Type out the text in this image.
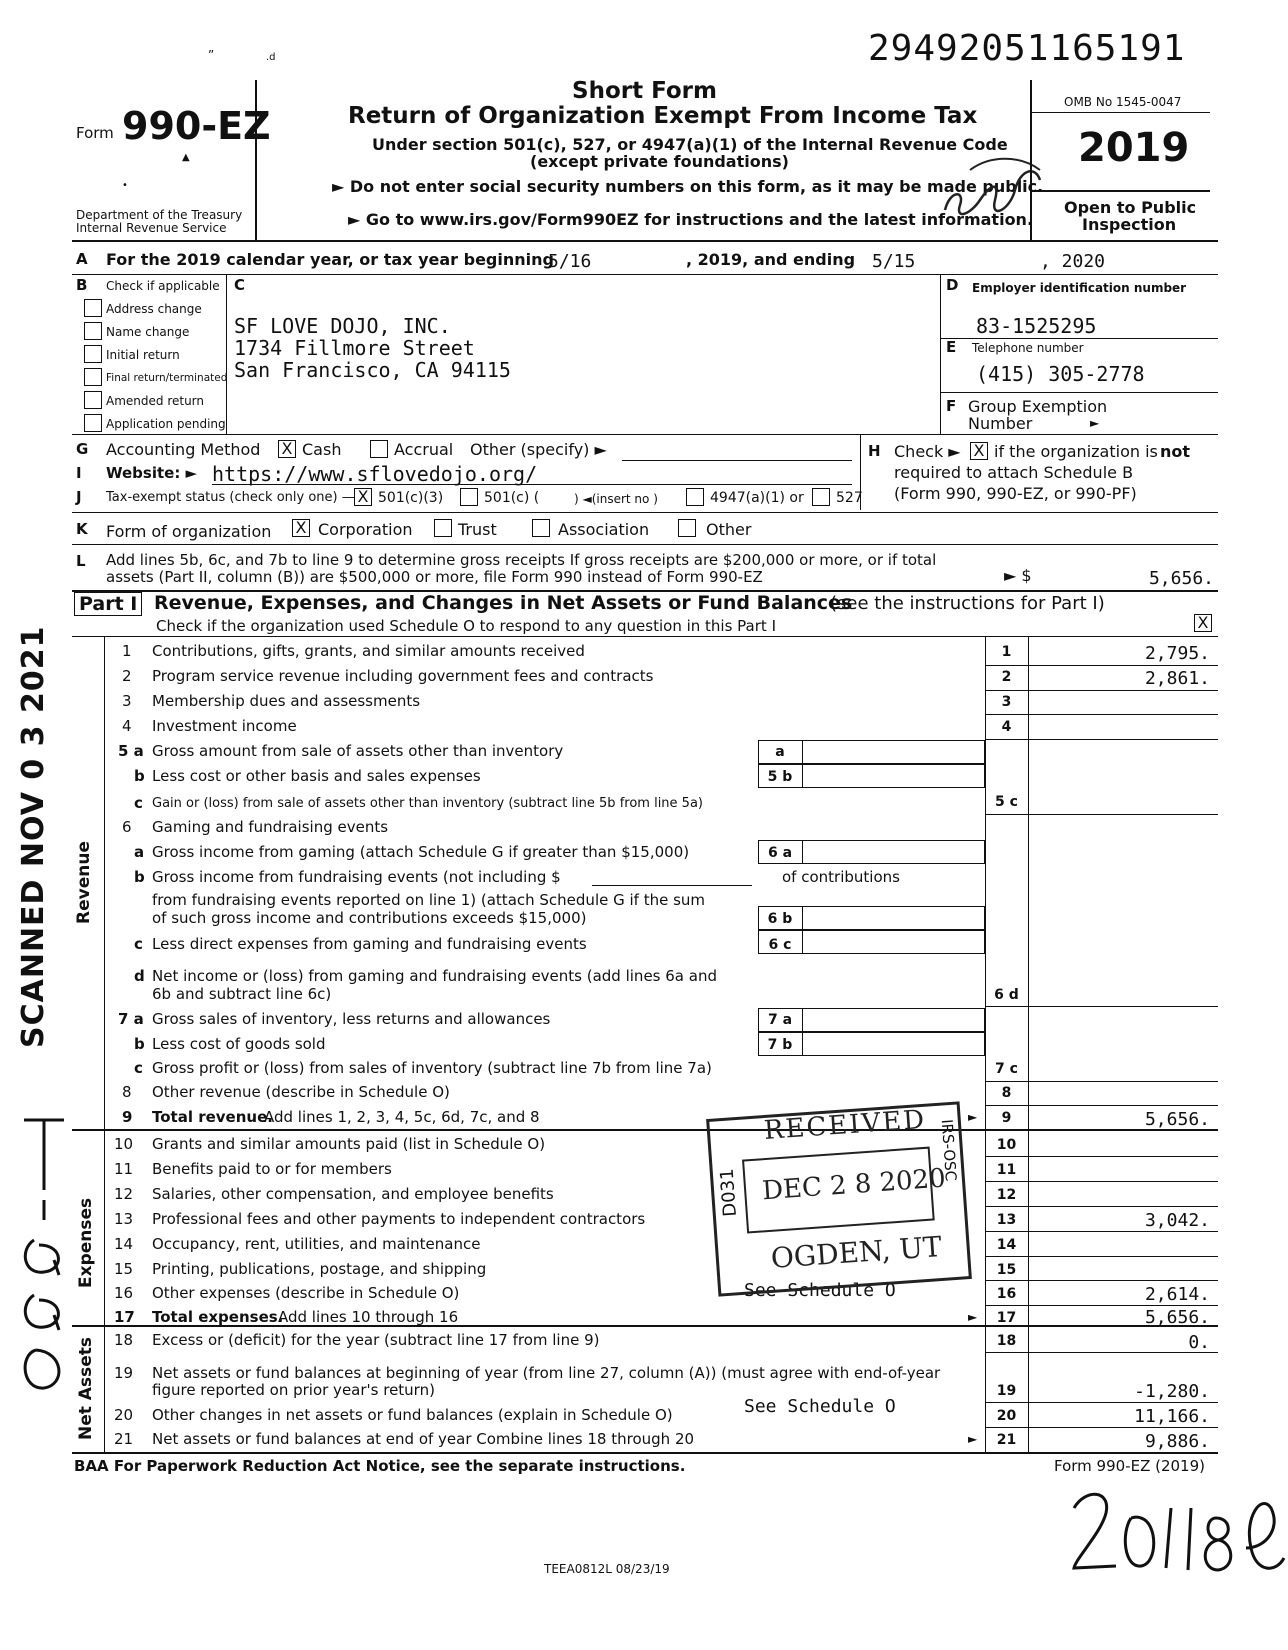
29492051165191
Form 990-EZ
Department of the Treasury
Internal Revenue Service
Short Form
Return of Organization Exempt From Income Tax
Under section 501(c), 527, or 4947(a)(1) of the Internal Revenue Code
(except private foundations)
► Do not enter social security numbers on this form, as it may be made public.
► Go to www.irs.gov/Form990EZ for instructions and the latest information.
OMB No 1545-0047
2019
Open to Public
Inspection
A For the 2019 calendar year, or tax year beginning
5/16	, 2019, and ending 5/15	, 2020
B Check if applicable C
Address change
Name change
Initial return
Final return/terminated
Amended return
Application pending
SF LOVE DOJO, INC.
1734 Fillmore Street
San Francisco, CA 94115
D Employer identification number
83-1525295
E Telephone number
(415) 305-2778
F Group Exemption
Number	►
G Accounting Method X Cash	Accrual Other (specify) ►	H Check ► X if the organization is not
required to attach Schedule B
(Form 990, 990-EZ, or 990-PF)
I Website: ► https://www.sflovedojo.org/
J Tax-exempt status (check only one) — X 501(c)(3)	501(c) (	) ◄(insert no )	4947(a)(1) or 527
K Form of organization X Corporation	Trust	Association	Other
L Add lines 5b, 6c, and 7b to line 9 to determine gross receipts If gross receipts are $200,000 or more, or if total
assets (Part II, column (B)) are $500,000 or more, file Form 990 instead of Form 990-EZ	► $	5,656.
Part I Revenue, Expenses, and Changes in Net Assets or Fund Balances
(see the instructions for Part I)
Check if the organization used Schedule O to respond to any question in this Part I	X
Revenue
Expenses
Net Assets
1 Contributions, gifts, grants, and similar amounts received	1	2,795.
2 Program service revenue including government fees and contracts	2	2,861.
3 Membership dues and assessments	3
4 Investment income	4
5 a Gross amount from sale of assets other than inventory	a
b Less cost or other basis and sales expenses	5 b
c Gain or (loss) from sale of assets other than inventory (subtract line 5b from line 5a)	5 c
6 Gaming and fundraising events
a Gross income from gaming (attach Schedule G if greater than $15,000)	6 a
b Gross income from fundraising events (not including $	of contributions
from fundraising events reported on line 1) (attach Schedule G if the sum
of such gross income and contributions exceeds $15,000)	6 b
c Less direct expenses from gaming and fundraising events	6 c
d Net income or (loss) from gaming and fundraising events (add lines 6a and
6b and subtract line 6c)	6 d
7 a Gross sales of inventory, less returns and allowances	7 a
b Less cost of goods sold	7 b
c Gross profit or (loss) from sales of inventory (subtract line 7b from line 7a)	7 c
8 Other revenue (describe in Schedule O)	8
9 Total revenue.
Add lines 1, 2, 3, 4, 5c, 6d, 7c, and 8	►	9	5,656.
10 Grants and similar amounts paid (list in Schedule O)	10
11 Benefits paid to or for members	11
12 Salaries, other compensation, and employee benefits	12
13 Professional fees and other payments to independent contractors	13	3,042.
14 Occupancy, rent, utilities, and maintenance	14
15 Printing, publications, postage, and shipping	15
16 Other expenses (describe in Schedule O)	See Schedule O	16	2,614.
17 Total expenses.
Add lines 10 through 16	►	17	5,656.
18 Excess or (deficit) for the year (subtract line 17 from line 9)	18	0.
19 Net assets or fund balances at beginning of year (from line 27, column (A)) (must agree with end-of-year
figure reported on prior year's return)	19	-1,280.
20 Other changes in net assets or fund balances (explain in Schedule O)	See Schedule O	20	11,166.
21 Net assets or fund balances at end of year Combine lines 18 through 20	►	21	9,886.
BAA For Paperwork Reduction Act Notice, see the separate instructions.	Form 990-EZ (2019)
TEEA0812L 08/23/19
RECEIVED
DEC 2 8 2020
OGDEN, UT
D031
IRS-OSC
SCANNED NOV 0 3 2021
”	.d
▲
•
